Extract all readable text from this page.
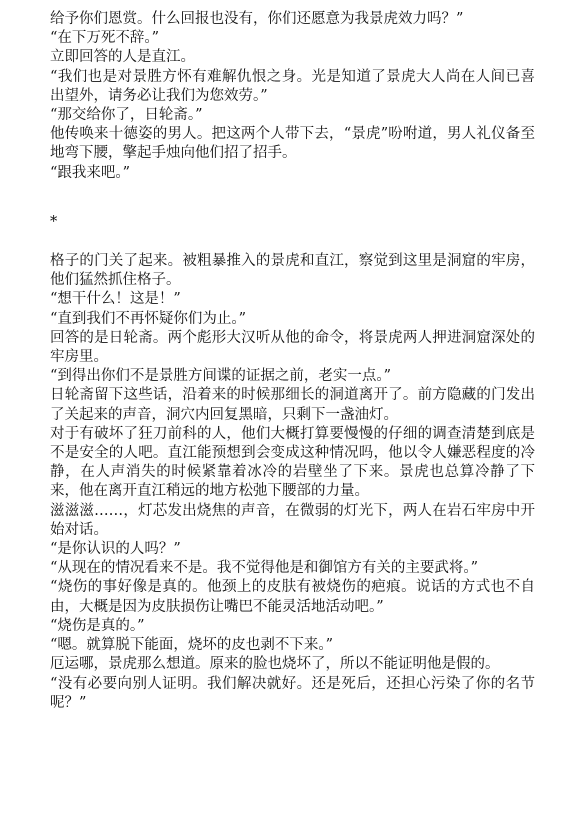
给予你们恩赏。什么回报也没有，你们还愿意为我景虎效力吗？”

“在下万死不辞。”

立即回答的人是直江。

“我们也是对景胜方怀有难解仇恨之身。光是知道了景虎大人尚在人间已喜出望外，请务必让我们为您效劳。”

“那交给你了，日轮斋。”

他传唤来十德姿的男人。把这两个人带下去，“景虎”吩咐道，男人礼仪备至地弯下腰，擎起手烛向他们招了招手。

“跟我来吧。”

*

格子的门关了起来。被粗暴推入的景虎和直江，察觉到这里是洞窟的牢房，他们猛然抓住格子。

“想干什么！这是！”

“直到我们不再怀疑你们为止。”

回答的是日轮斋。两个彪形大汉听从他的命令，将景虎两人押进洞窟深处的牢房里。

“到得出你们不是景胜方间谍的证据之前，老实一点。”

日轮斋留下这些话，沿着来的时候那细长的洞道离开了。前方隐藏的门发出了关起来的声音，洞穴内回复黑暗，只剩下一盏油灯。

对于有破坏了狂刀前科的人，他们大概打算要慢慢的仔细的调查清楚到底是不是安全的人吧。直江能预想到会变成这种情况吗，他以令人嫌恶程度的冷静，在人声消失的时候紧靠着冰冷的岩壁坐了下来。景虎也总算冷静了下来，他在离开直江稍远的地方松弛下腰部的力量。

滋滋滋……，灯芯发出烧焦的声音，在微弱的灯光下，两人在岩石牢房中开始对话。

“是你认识的人吗？”

“从现在的情况看来不是。我不觉得他是和御馆方有关的主要武将。”

“烧伤的事好像是真的。他颈上的皮肤有被烧伤的疤痕。说话的方式也不自由，大概是因为皮肤损伤让嘴巴不能灵活地活动吧。”

“烧伤是真的。”

“嗯。就算脱下能面，烧坏的皮也剥不下来。”

厄运哪，景虎那么想道。原来的脸也烧坏了，所以不能证明他是假的。

“没有必要向别人证明。我们解决就好。还是死后，还担心污染了你的名节呢？”
